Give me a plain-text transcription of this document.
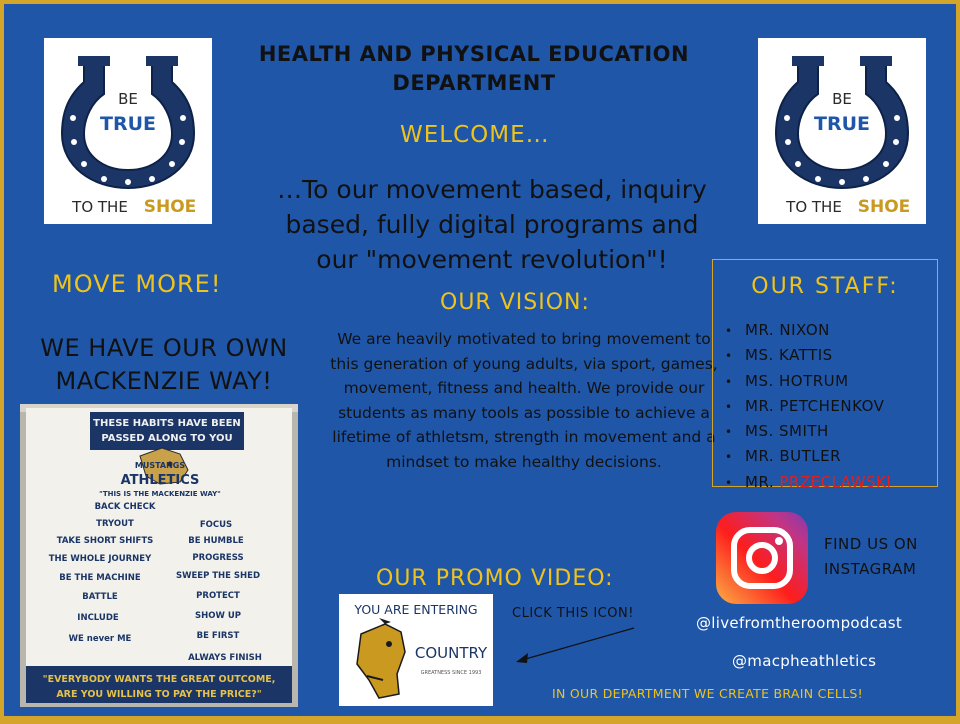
BE
TRUE
TO THE SHOE
BE
TRUE
TO THE SHOE
HEALTH AND PHYSICAL EDUCATION
DEPARTMENT
WELCOME…
…To our movement based, inquiry based, fully digital programs and our "movement revolution"!
MOVE MORE!
WE HAVE OUR OWN MACKENZIE WAY!
OUR VISION:
We are heavily motivated to bring movement to this generation of young adults, via sport, games, movement, fitness and health. We provide our students as many tools as possible to achieve a lifetime of athletsm, strength in movement and a mindset to make healthy decisions.
OUR STAFF:
• MR. NIXON
• MS. KATTIS
• MS. HOTRUM
• MR. PETCHENKOV
• MS. SMITH
• MR. BUTLER
• MR. PRZECLAWSKI
THESE HABITS HAVE BEEN
PASSED ALONG TO YOU
MUSTANGS
ATHLETICS
"THIS IS THE MACKENZIE WAY"
BACK CHECK
TRYOUT
TAKE SHORT SHIFTS
THE WHOLE JOURNEY
BE THE MACHINE
BATTLE
INCLUDE
WE never ME
FOCUS
BE HUMBLE
PROGRESS
SWEEP THE SHED
PROTECT
SHOW UP
BE FIRST
ALWAYS FINISH
"EVERYBODY WANTS THE GREAT OUTCOME,
ARE YOU WILLING TO PAY THE PRICE?"
OUR PROMO VIDEO:
YOU ARE ENTERING
COUNTRY
GREATNESS SINCE 1993
CLICK THIS ICON!
FIND US ON
INSTAGRAM
@livefromtheroompodcast
@macpheathletics
IN OUR DEPARTMENT WE CREATE BRAIN CELLS!
